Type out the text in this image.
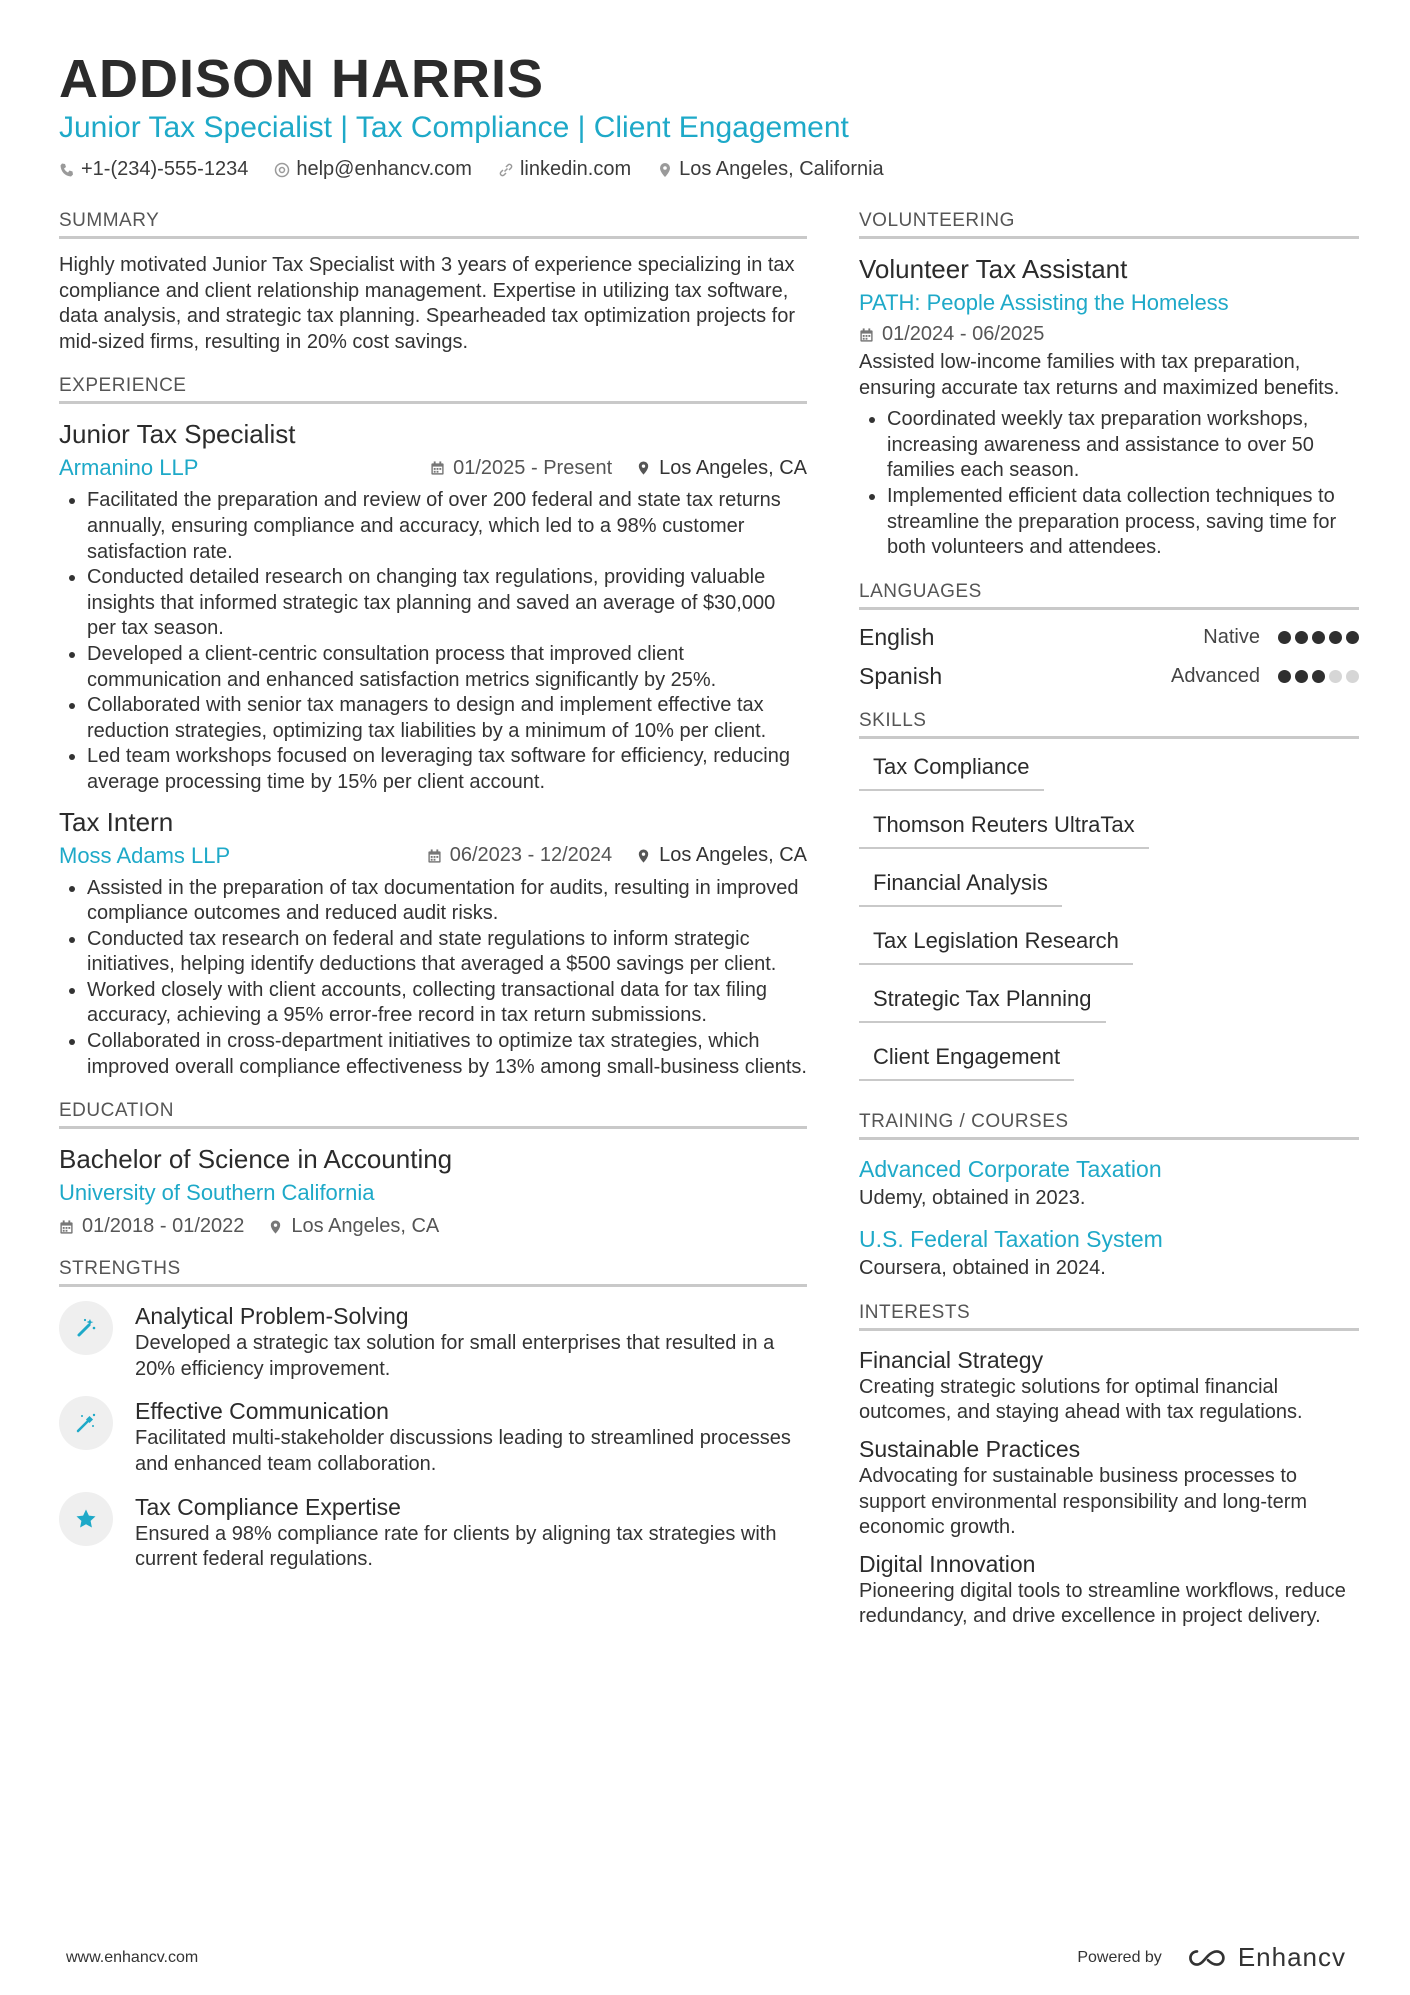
ADDISON HARRIS
Junior Tax Specialist | Tax Compliance | Client Engagement
+1-(234)-555-1234 help@enhancv.com linkedin.com Los Angeles, California
SUMMARY

Highly motivated Junior Tax Specialist with 3 years of experience specializing in tax compliance and client relationship management. Expertise in utilizing tax software, data analysis, and strategic tax planning. Spearheaded tax optimization projects for mid-sized firms, resulting in 20% cost savings.

EXPERIENCE
Junior Tax Specialist
Armanino LLP	01/2025 - Present Los Angeles, CA
• Facilitated the preparation and review of over 200 federal and state tax returns annually, ensuring compliance and accuracy, which led to a 98% customer satisfaction rate.
• Conducted detailed research on changing tax regulations, providing valuable insights that informed strategic tax planning and saved an average of $30,000 per tax season.
• Developed a client-centric consultation process that improved client communication and enhanced satisfaction metrics significantly by 25%.
• Collaborated with senior tax managers to design and implement effective tax reduction strategies, optimizing tax liabilities by a minimum of 10% per client.
• Led team workshops focused on leveraging tax software for efficiency, reducing average processing time by 15% per client account.
Tax Intern
Moss Adams LLP	06/2023 - 12/2024 Los Angeles, CA
• Assisted in the preparation of tax documentation for audits, resulting in improved compliance outcomes and reduced audit risks.
• Conducted tax research on federal and state regulations to inform strategic initiatives, helping identify deductions that averaged a $500 savings per client.
• Worked closely with client accounts, collecting transactional data for tax filing accuracy, achieving a 95% error-free record in tax return submissions.
• Collaborated in cross-department initiatives to optimize tax strategies, which improved overall compliance effectiveness by 13% among small-business clients.
EDUCATION
Bachelor of Science in Accounting
University of Southern California
01/2018 - 01/2022 Los Angeles, CA
STRENGTHS
Analytical Problem-Solving

Developed a strategic tax solution for small enterprises that resulted in a 20% efficiency improvement.

Effective Communication

Facilitated multi-stakeholder discussions leading to streamlined processes and enhanced team collaboration.

Tax Compliance Expertise

Ensured a 98% compliance rate for clients by aligning tax strategies with current federal regulations.

VOLUNTEERING
Volunteer Tax Assistant
PATH: People Assisting the Homeless
01/2024 - 06/2025

Assisted low-income families with tax preparation, ensuring accurate tax returns and maximized benefits.

• Coordinated weekly tax preparation workshops, increasing awareness and assistance to over 50 families each season.
• Implemented efficient data collection techniques to streamline the preparation process, saving time for both volunteers and attendees.
LANGUAGES
English	Native
Spanish	Advanced
SKILLS
Tax Compliance
Thomson Reuters UltraTax
Financial Analysis
Tax Legislation Research
Strategic Tax Planning
Client Engagement
TRAINING / COURSES
Advanced Corporate Taxation
Udemy, obtained in 2023.
U.S. Federal Taxation System
Coursera, obtained in 2024.
INTERESTS
Financial Strategy

Creating strategic solutions for optimal financial outcomes, and staying ahead with tax regulations.

Sustainable Practices

Advocating for sustainable business processes to support environmental responsibility and long-term economic growth.

Digital Innovation

Pioneering digital tools to streamline workflows, reduce redundancy, and drive excellence in project delivery.

www.enhancv.com	Powered by	Enhancv
